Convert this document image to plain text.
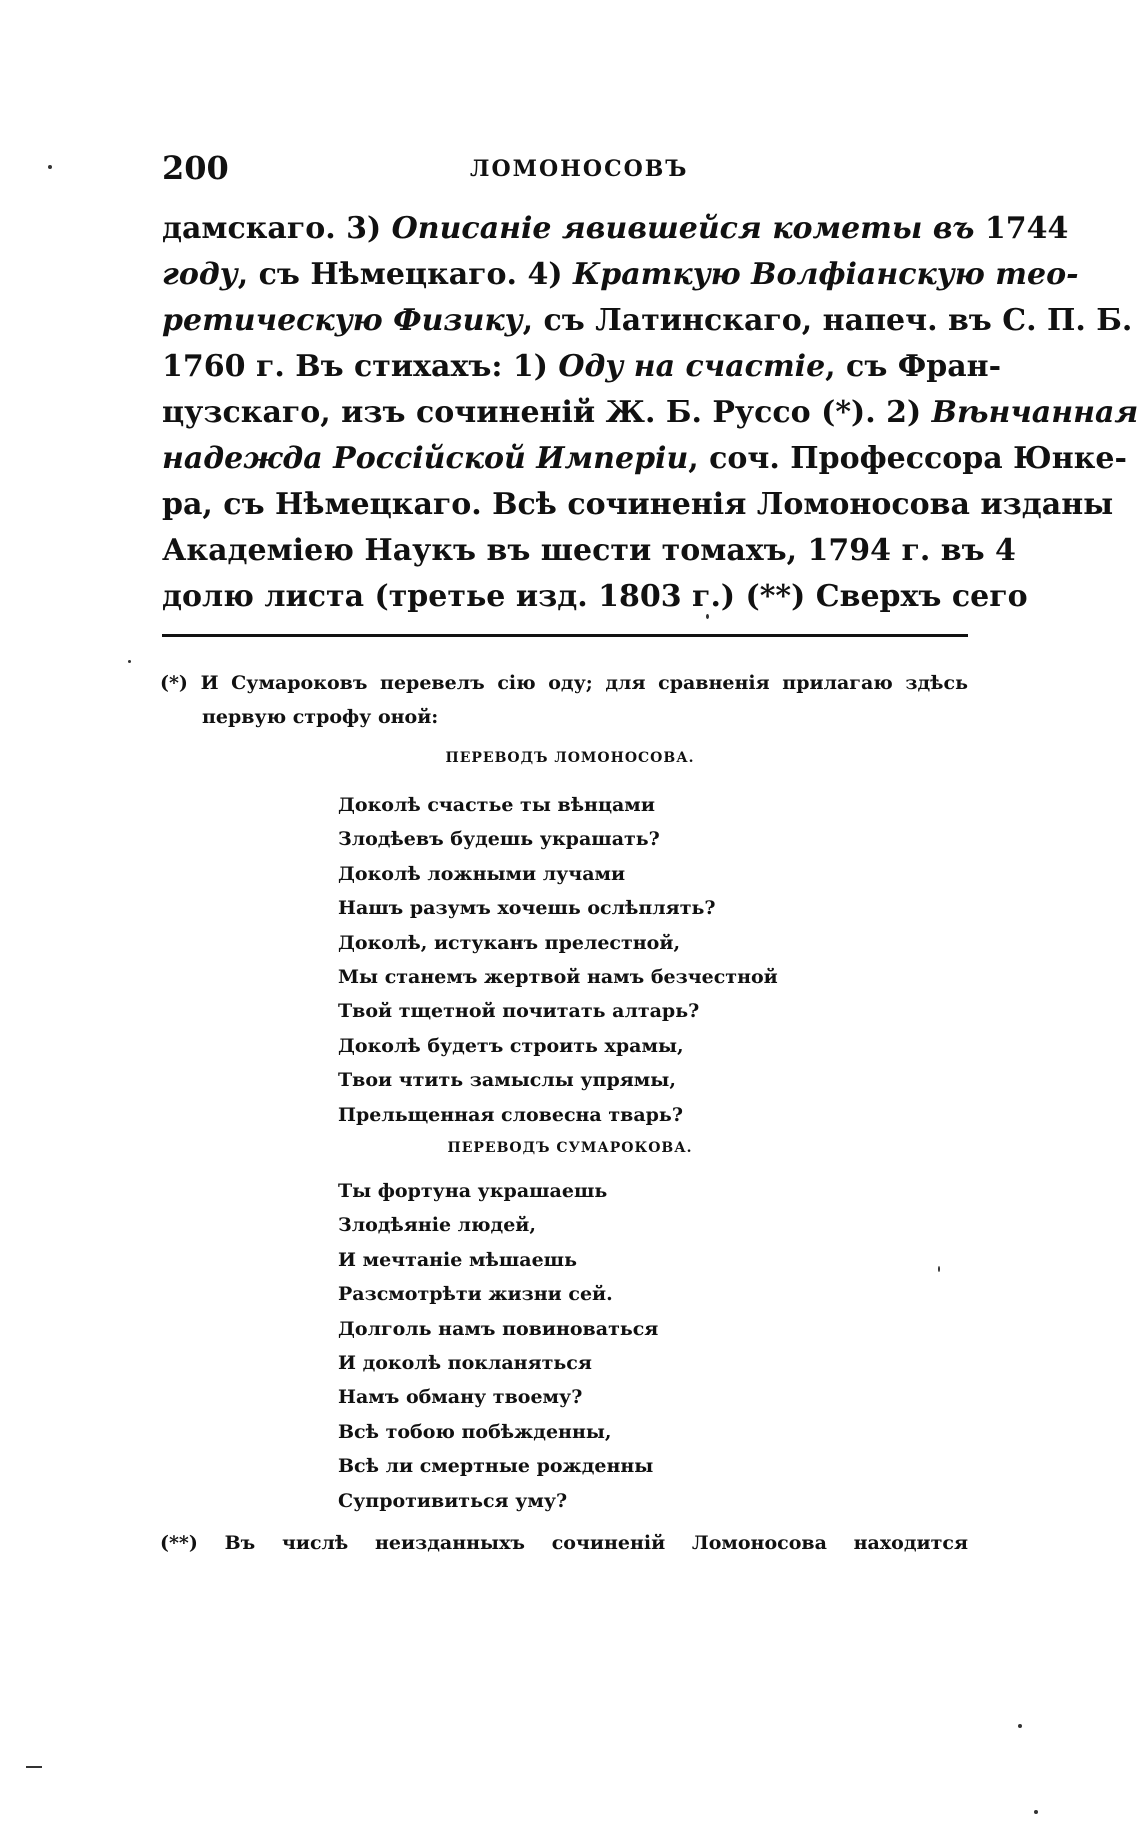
200	ЛОМОНОСОВЪ
дамскаго. 3) Описаніе явившейся кометы въ 1744
году, съ Нѣмецкаго. 4) Краткую Волфіанскую тео-
ретическую Физику, съ Латинскаго, напеч. въ С. П. Б.
1760 г. Въ стихахъ: 1) Оду на счастіе, съ Фран-
цузскаго, изъ сочиненій Ж. Б. Руссо (*). 2) Вѣнчанная
надежда Россійской Имперіи, соч. Профессора Юнке-
ра, съ Нѣмецкаго. Всѣ сочиненія Ломоносова изданы
Академіею Наукъ въ шести томахъ, 1794 г. въ 4
долю листа (третье изд. 1803 г.) (**) Сверхъ сего
(*) И Сумароковъ перевелъ сію оду; для сравненія прилагаю здѣсь
первую строфу оной:
ПЕРЕВОДЪ ЛОМОНОСОВА.
Доколѣ счастье ты вѣнцами
Злодѣевъ будешь украшать?
Доколѣ ложными лучами
Нашъ разумъ хочешь ослѣплять?
Доколѣ, истуканъ прелестной,
Мы станемъ жертвой намъ безчестной
Твой тщетной почитать алтарь?
Доколѣ будетъ строить храмы,
Твои чтить замыслы упрямы,
Прельщенная словесна тварь?
ПЕРЕВОДЪ СУМАРОКОВА.
Ты фортуна украшаешь
Злодѣяніе людей,
И мечтаніе мѣшаешь
Разсмотрѣти жизни сей.
Долголь намъ повиноваться
И доколѣ покланяться
Намъ обману твоему?
Всѣ тобою побѣжденны,
Всѣ ли смертные рожденны
Супротивиться уму?
(**) Въ числѣ неизданныхъ сочиненій Ломоносова находится
